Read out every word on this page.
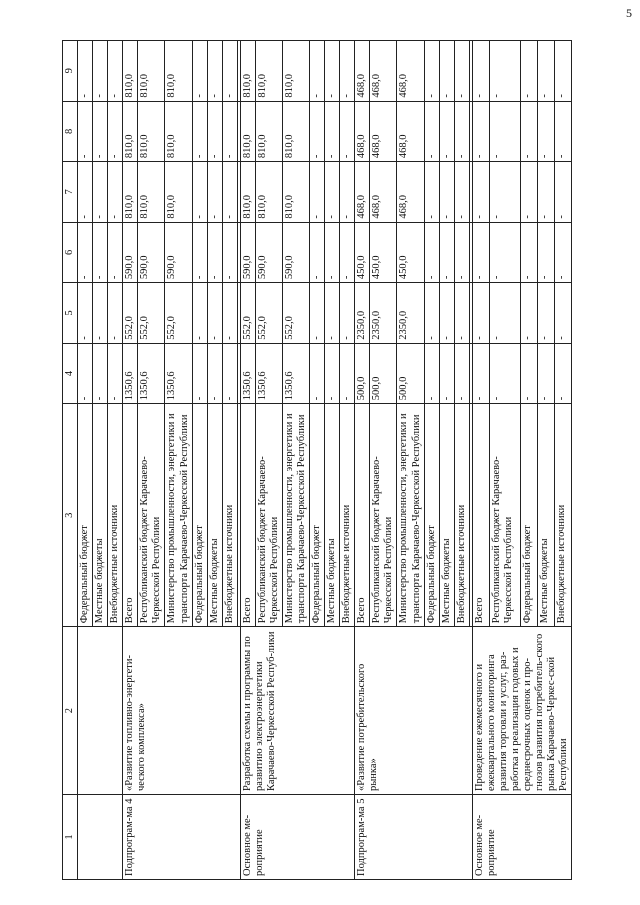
5
1	2	3	4	5	6	7	8	9
		Федеральный бюджет	-	-	-	-	-	-
		Местные бюджеты	-	-	-	-	-	-
		Внебюджетные источники	-	-	-	-	-	-
Подпрограм-ма 4	«Развитие топливно-энергети-ческого комплекса»	Всего	1350,6	552,0	590,0	810,0	810,0	810,0
		Республиканский бюджет Карачаево-Черкесской Республики	1350,6	552,0	590,0	810,0	810,0	810,0
		Министерство промышленности, энергетики и транспорта Карачаево-Черкесской Республики	1350,6	552,0	590,0	810,0	810,0	810,0
		Федеральный бюджет	-	-	-	-	-	-
		Местные бюджеты	-	-	-	-	-	-
		Внебюджетные источники	-	-	-	-	-	-

Основное ме-роприятие	Разработка схемы и программы по развитию электроэнергетики Карачаево-Черкесской Респуб-лики	Всего	1350,6	552,0	590,0	810,0	810,0	810,0
		Республиканский бюджет Карачаево-Черкесской Республики	1350,6	552,0	590,0	810,0	810,0	810,0
		Министерство промышленности, энергетики и транспорта Карачаево-Черкесской Республики	1350,6	552,0	590,0	810,0	810,0	810,0
		Федеральный бюджет	-	-	-	-	-	-
		Местные бюджеты	-	-	-	-	-	-
		Внебюджетные источники	-	-	-	-	-	-
Подпрограм-ма 5	«Развитие потребительского рынка»	Всего	500,0	2350,0	450,0	468,0	468,0	468,0
		Республиканский бюджет Карачаево-Черкесской Республики	500,0	2350,0	450,0	468,0	468,0	468,0
		Министерство промышленности, энергетики и транспорта Карачаево-Черкесской Республики	500,0	2350,0	450,0	468,0	468,0	468,0
		Федеральный бюджет	-	-	-	-	-	-
		Местные бюджеты	-	-	-	-	-	-
		Внебюджетные источники	-	-	-	-	-	-

Основное ме-роприятие	Проведение ежемесячного и ежеквартального мониторинга развития торговли и услуг, раз-работка и реализация годовых и среднесрочных оценок и про-гнозов развития потребитель-ского рынка Карачаево-Черкес-ской Республики	Всего	-	-	-	-	-	-
		Республиканский бюджет Карачаево-Черкесской Республики	-	-	-	-	-	-
		Федеральный бюджет	-	-	-	-	-	-
		Местные бюджеты	-	-	-	-	-	-
		Внебюджетные источники	-	-	-	-	-	-
